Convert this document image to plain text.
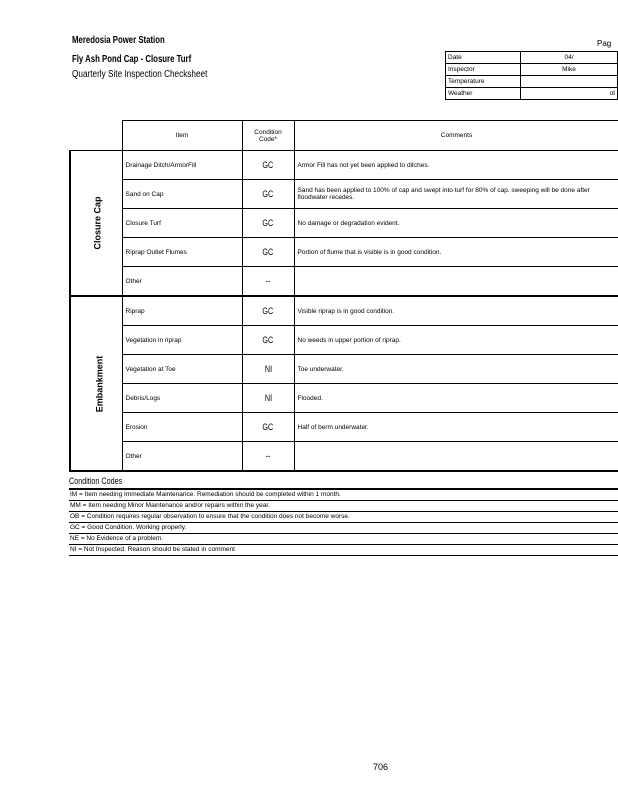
Meredosia Power Station
Fly Ash Pond Cap - Closure Turf
Quarterly Site Inspection Checksheet
Pag
Date	04/
Inspector	Mike
Temperature	
Weather	ot
	Item	Condition Code*	Comments
Closure Cap	Drainage Ditch/ArmorFill	GC	Armor Fill has not yet been applied to ditches.
	Sand on Cap	GC	Sand has been applied to 100% of cap and swept into turf for 80% of cap. sweeping will be done after floodwater recedes.
	Closure Turf	GC	No damage or degradation evident.
	Riprap Outlet Flumes	GC	Portion of flume that is visible is in good condition.
	Other	--	
Embankment	Riprap	GC	Visible riprap is in good condition.
	Vegetation in riprap	GC	No weeds in upper portion of riprap.
	Vegetation at Toe	NI	Toe underwater.
	Debris/Logs	NI	Flooded.
	Erosion	GC	Half of berm underwater.
	Other	--	
Condition Codes
IM = Item needing Immediate Maintenance. Remediation should be completed within 1 month.
MM = Item needing Minor Maintenance and/or repairs within the year.
OB = Condition requires regular observation to ensure that the condition does not become worse.
GC = Good Condition. Working properly.
NE = No Evidence of a problem.
NI = Not Inspected. Reason should be stated in comment
706
